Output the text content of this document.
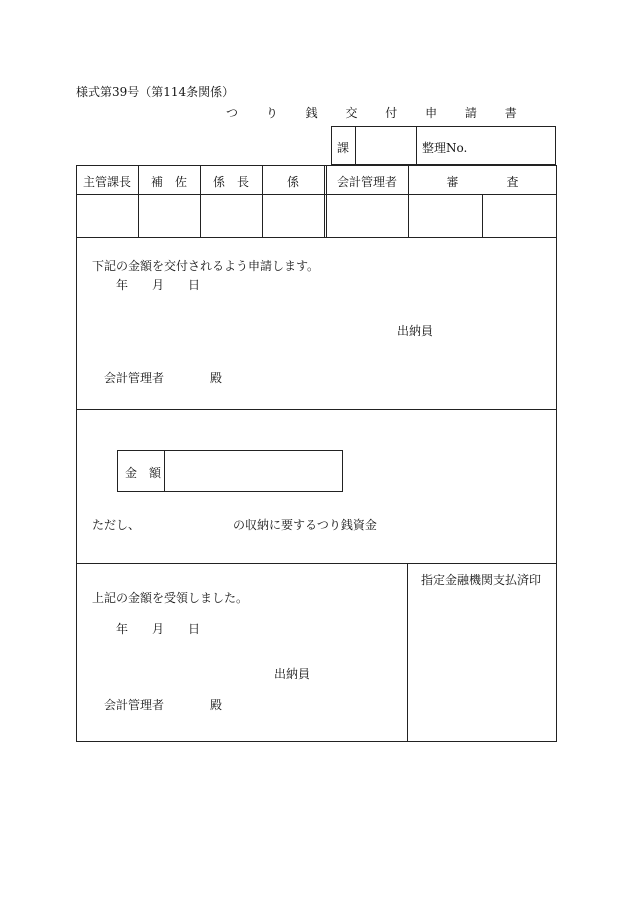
様式第39号（第114条関係）
つ り 銭 交 付 申 請 書
課	整理No.
主管課長	補　佐	係　長	係	会計管理者	審　　　　査
下記の金額を交付されるよう申請します。
年　　月　　日
出納員
会計管理者	殿
金　額
ただし、	の収納に要するつり銭資金
上記の金額を受領しました。
年　　月　　日
出納員
会計管理者	殿
指定金融機関支払済印
